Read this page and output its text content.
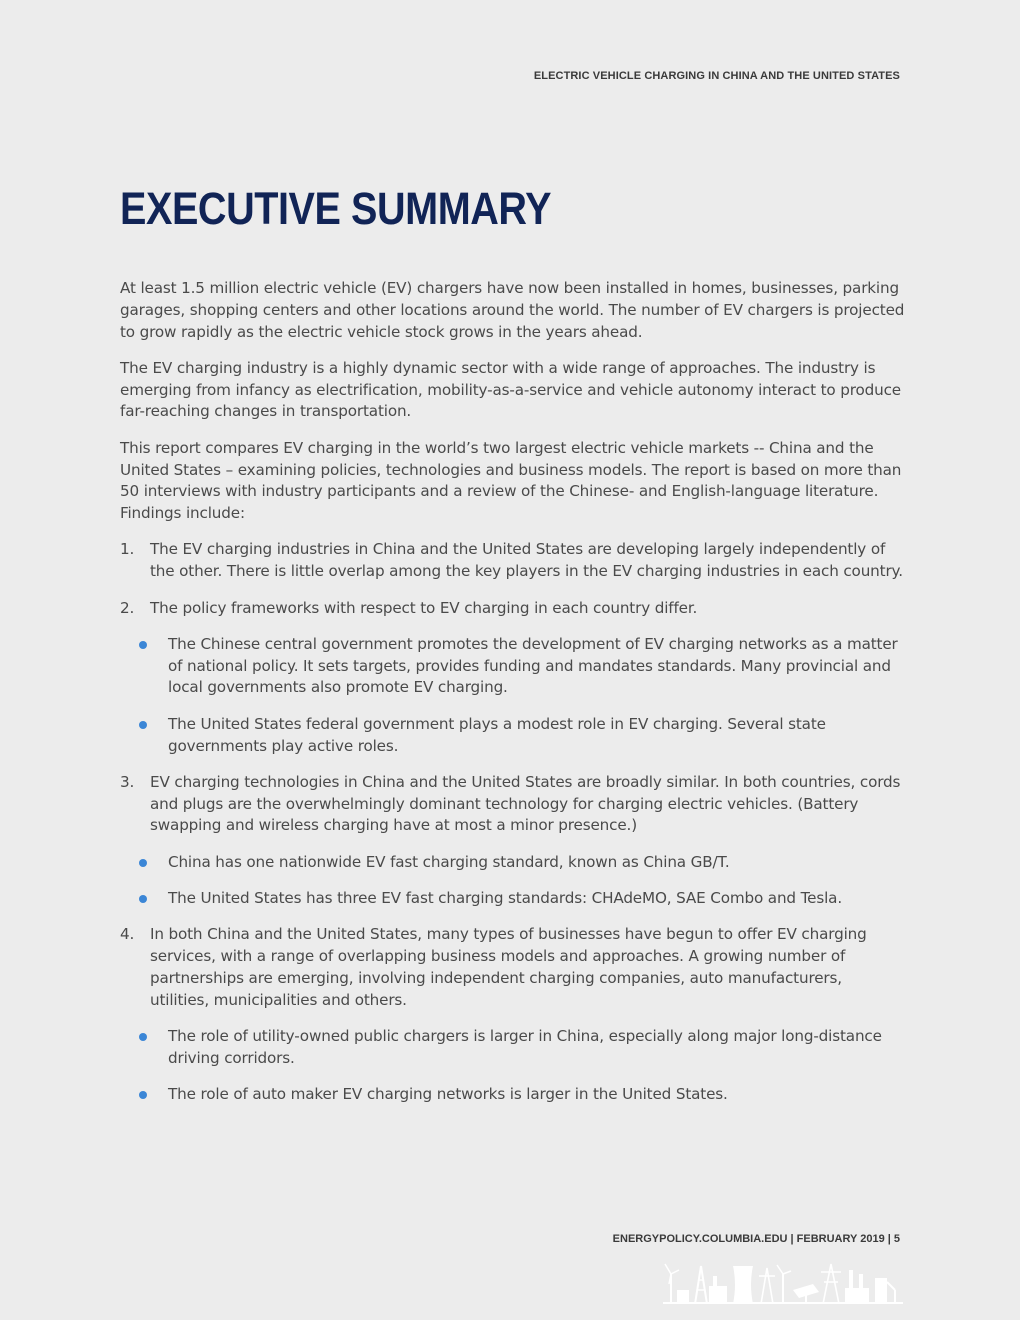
ELECTRIC VEHICLE CHARGING IN CHINA AND THE UNITED STATES
EXECUTIVE SUMMARY

At least 1.5 million electric vehicle (EV) chargers have now been installed in homes, businesses, parking garages, shopping centers and other locations around the world. The number of EV chargers is projected to grow rapidly as the electric vehicle stock grows in the years ahead.

The EV charging industry is a highly dynamic sector with a wide range of approaches. The industry is emerging from infancy as electrification, mobility-as-a-service and vehicle autonomy interact to produce far-reaching changes in transportation.

This report compares EV charging in the world’s two largest electric vehicle markets -- China and the United States – examining policies, technologies and business models. The report is based on more than 50 interviews with industry participants and a review of the Chinese- and English-language literature. Findings include:

1. The EV charging industries in China and the United States are developing largely independently of the other. There is little overlap among the key players in the EV charging industries in each country.
2. The policy frameworks with respect to EV charging in each country differ.
The Chinese central government promotes the development of EV charging networks as a matter of national policy. It sets targets, provides funding and mandates standards. Many provincial and local governments also promote EV charging.
The United States federal government plays a modest role in EV charging. Several state governments play active roles.
3. EV charging technologies in China and the United States are broadly similar. In both countries, cords and plugs are the overwhelmingly dominant technology for charging electric vehicles. (Battery swapping and wireless charging have at most a minor presence.)
China has one nationwide EV fast charging standard, known as China GB/T.
The United States has three EV fast charging standards: CHAdeMO, SAE Combo and Tesla.
4. In both China and the United States, many types of businesses have begun to offer EV charging services, with a range of overlapping business models and approaches. A growing number of partnerships are emerging, involving independent charging companies, auto manufacturers, utilities, municipalities and others.
The role of utility-owned public chargers is larger in China, especially along major long-distance driving corridors.
The role of auto maker EV charging networks is larger in the United States.
ENERGYPOLICY.COLUMBIA.EDU | FEBRUARY 2019 | 5
